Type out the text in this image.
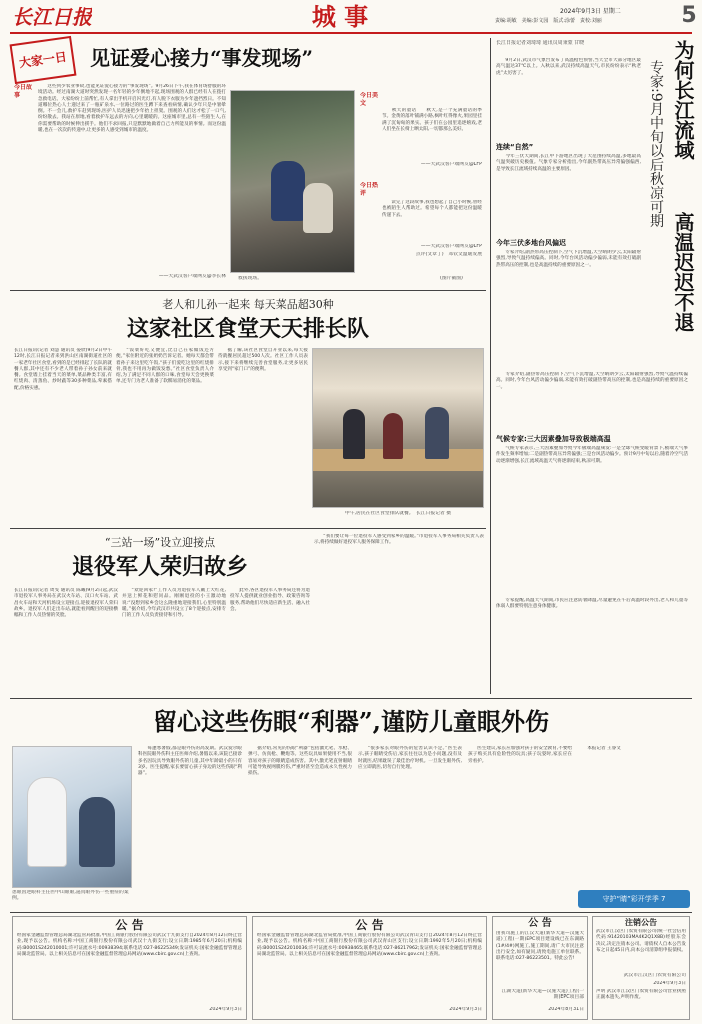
长江日报	城 事	2024年9月3日 星期二
责编:胡敏　美编:彭文园　版式:涂蕾　责校:刘丽	5
大家一日	见证爱心接力“事发现场”
今日故事
　　这些到少农业事故,也能见证爱心接力的“事发现场”。9月26日下午,我在体育场舒服的环境活动。经过南湖大道时突然发现一名年轻的少年倒地不起,现场围观的人群已经有人在拨打急救电话。大家纷纷上前帮忙,有人拿出手机开启闪光灯,有人脱下衣服为少年遮挡烈日。不知道哪位热心人士递过来了一瓶矿泉水,一位路过的医生蹲下来查看病情,确认少年只是中暑晕倒。不一会儿,救护车赶到现场,医护人员迅速把少年抬上担架。围观的人们这才松了一口气,纷纷散去。我站在原地,看着救护车远去的方向,心里暖暖的。这座城市里,总有一些陌生人,在你需要帮助的时候伸出援手。他们不求回报,只是默默地做着自己力所能及的事情。而这份温暖,也在一次次的传递中,让更多的人感受到城市的温度。
——大武汉客户端网友@李长林	救援现场。
今日美文
　　秋天的童话　　秋天,是一个充满童话的季节。金黄的落叶铺满小路,枫叶红得像火,果园里挂满了沉甸甸的果实。孩子们在公园里追逐嬉戏,老人们坐在长椅上晒太阳,一切都那么美好。
——大武汉客户端网友@LFP
今日热评
　　读完了这段故事,我也想起了自己小时候,曾经也被陌生人帮助过。希望每个人都能把这份温暖传递下去。
——大武汉客户端网友@LFP
点评(文章丁)　邓钦文温暖发展
(图片截图)
老人和儿孙一起来 每天菜品超30种
这家社区食堂天天排长队
长江日报讯(记者 刘慧 通讯员 晏欣)9月2日中午12时,长江日报记者来到洪山区南湖街道社区的一家老年社区食堂,看到的是已经排起了长队的就餐人群,其中还有不少老人带着孙子孙女前来就餐。食堂墙上挂着当天的菜单,菜品种类丰富,有红烧肉、清蒸鱼、炒时蔬等30多种菜品,荤素搭配,价格实惠。
　　“饭菜好吃又便宜,比自己在家做饭还方便。”家住附近的张奶奶告诉记者。她每天都会带着孙子来这里吃午饭,“孩子们爱吃这里的红烧排骨,我也不用再为做饭发愁。”社区食堂负责人介绍,为了满足不同人群的口味,食堂每天会更换菜单,还专门为老人准备了软糯易消化的菜品。
　　据了解,该社区食堂自开业以来,每天接待就餐居民超过500人次。社区工作人员表示,接下来将继续完善食堂服务,让更多居民享受到“家门口”的便利。
中午,居民在社区食堂排队就餐。　长江日报记者 摄
“三站一场”设立迎接点
退役军人荣归故乡
长江日报讯(记者 周雯 通讯员 陈曦)9月2日起,武汉市退役军人事务局在武汉火车站、汉口火车站、武昌火车站和天河机场设立迎接点,迎接退役军人荣归故乡。退役军人们走出车站,就能看到醒目的迎接横幅和工作人员热情的笑脸。
　　“欢迎回家!”工作人员为退役军人戴上大红花,并送上鲜花和慰问品。刚刚退役的小王激动地说:“没想到家乡会这么隆重地迎接我们,心里特别温暖。”据介绍,今年武汉市共设立了8个迎接点,安排专门的工作人员负责接待和引导。
　　此外,各区退役军人事务局还将为退役军人提供就业创业指导、政策咨询等服务,帮助他们尽快适应新生活、融入社会。
　　“我们要让每一位退役军人感受到家乡的温暖。”市退役军人事务局相关负责人表示,将持续做好退役军人服务保障工作。
长江日报记者刘琦琦 通讯员周秉蒙 甘晓	为何长江流域
高温迟迟不退
专家:9月中旬以后秋凉可期
　　9月2日,武汉市气象台发布了高温橙色预警,当天全市大部分地区最高气温达37℃以上。入秋以来,武汉持续高温天气,市民纷纷表示“秋老虎”太厉害了。
连续“自然”
　　今年三伏天期间,长江中下游地区出现了大范围持续高温,多地最高气温突破历史极值。气象专家分析指出,今年副热带高压异常偏强偏西,是导致长江流域持续高温的主要原因。
今年三伏多地台风偏迟
　　专家介绍,副热带高压控制下,空气下沉增温,天空晴朗少云,太阳辐射强烈,导致气温持续偏高。同时,今年台风活动偏少偏弱,未能有效打破副热带高压的控制,也是高温持续的重要原因之一。
　　专家介绍,副热带高压控制下,空气下沉增温,天空晴朗少云,太阳辐射强烈,导致气温持续偏高。同时,今年台风活动偏少偏弱,未能有效打破副热带高压的控制,也是高温持续的重要原因之一。
气候专家:三大因素叠加导致极端高温
　　气候专家表示,三大因素叠加导致今年极端高温频发:一是全球气候变暖背景下,极端天气事件发生频率增加;二是副热带高压异常偏强;三是台风活动偏少。预计9月中旬以后,随着冷空气活动逐渐增强,长江流域高温天气将逐渐结束,秋凉可期。
　　专家提醒,高温天气期间,市民应注意防暑降温,尽量避免在午后高温时段外出,老人和儿童等体弱人群要特别注意身体健康。
留心这些伤眼“利器”,谨防儿童眼外伤
患眼因逆眼科主任医中山眼眼,逼真眼外伤一些重症的案例。
　　每逢寒暑假,都是眼外伤的高发期。武汉爱尔眼科医院眼外伤科主任医师介绍,暑假以来,该院已接诊多名因玩具导致眼外伤的儿童,其中年龄最小的只有3岁。医生提醒,家长要留心孩子身边的这些伤眼“利器”。
　　据介绍,常见的伤眼“利器”包括激光笔、水枪、弹弓、仿真枪、鞭炮等。这些玩具如果使用不当,很容易对孩子的眼睛造成伤害。其中,激光笔直射眼睛可能导致视网膜灼伤,严重时甚至会造成永久性视力损伤。
　　“很多家长对眼外伤的危害认识不足。”医生表示,孩子眼睛受伤后,家长往往以为是小问题,没有及时就医,结果耽误了最佳治疗时机。一旦发生眼外伤,应立即就医,切勿自行处理。
　　医生建议,家长应加强对孩子的安全教育,不要给孩子购买具有危险性的玩具;孩子玩耍时,家长应在旁看护。
　　本报记者 王睿文
守护“睛”彩开学季 7
公 告
经国家金融监督管理总局湖北监管局批准,中国工商银行股份有限公司武汉十九街支行自2024年8月12日终止营业,现予以公告。机构名称:中国工商银行股份有限公司武汉十九街支行;设立日期:1985年6月20日;机构编码:B0001S242010001;许可证流水号:00938394;联系电话:027-86225349;发证机关:国家金融监督管理总局湖北监管局。以上相关信息可在国家金融监督管理总局网站(www.cbirc.gov.cn)上查询。
2024年9月3日
公 告
经国家金融监督管理总局湖北监管局批准,中国工商银行股份有限公司武汉青山支行自2024年8月12日终止营业,现予以公告。机构名称:中国工商银行股份有限公司武汉青山区支行;设立日期:1992年5月20日;机构编码:B0001S242010036;许可证流水号:00938465;联系电话:027-86217962;发证机关:国家金融监督管理总局湖北监管局。以上相关信息可在国家金融监督管理总局网站(www.cbirc.gov.cn)上查询。
2024年9月3日
公 告
由我司施工的江汉大道(新华大道—汉施大道)工程(一期)EPC项目建设线已在东湖路(1#/4#)网施工,施工期间,请广大市民注意出行安全,如有疑问,请致电施工单位联系。联系电话:027-86223501。特此公告!
江湖大道(新华大道—汉施大道)工程(一期)EPC项目部
2024年8月31日
注销公告
武汉市江汉区门农贸有限公司(统一社会信用代码:91420103MA4K2Q1X8B)经股东会决议,决定注销本公司。请债权人自本公告发布之日起45日内,向本公司清算组申报债权。
武汉市江汉区门农贸有限公司
2024年9月3日
声明 武汉市江汉区门农贸有限公司营业执照正副本遗失,声明作废。
